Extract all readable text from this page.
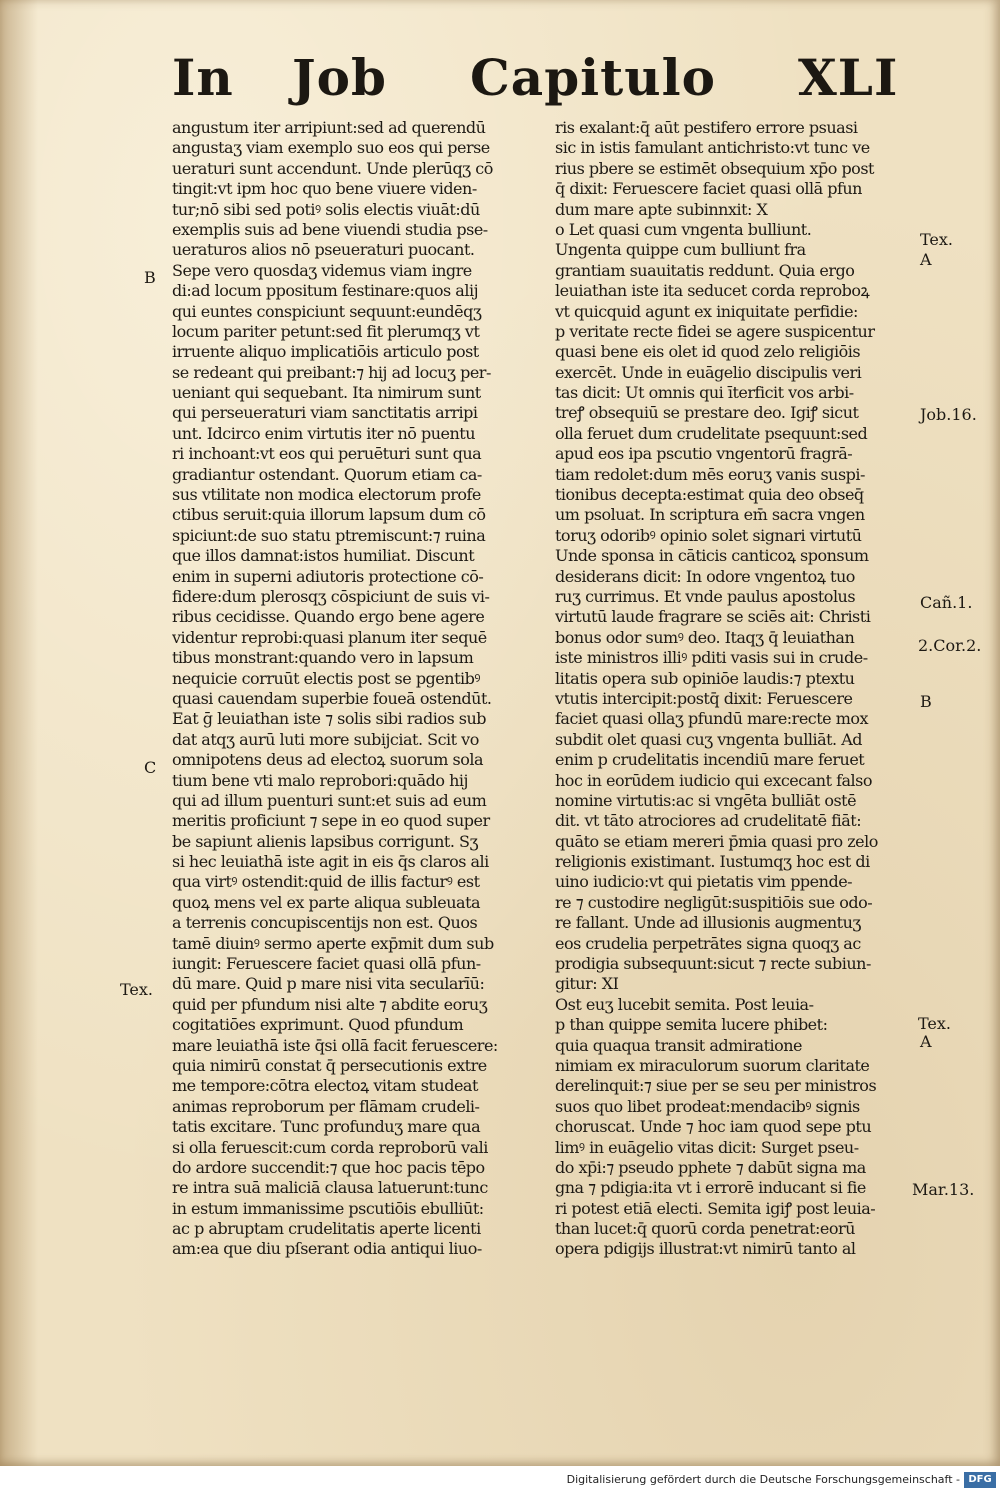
In Job Capitulo XLI
angustum iter arripiunt:sed ad querendū
angustaʒ viam exemplo suo eos qui perse
ueraturi sunt accendunt. Unde plerūqʒ cō
tingit:vt ipm hoc quo bene viuere viden-
tur;nō sibi sed potiꝰ solis electis viuāt:dū
exemplis suis ad bene viuendi studia pse-
ueraturos alios nō pseueraturi puocant.
Sepe vero quosdaʒ videmus viam ingre
di:ad locum ppositum festinare:quos alij
qui euntes conspiciunt sequunt:eundēqʒ
locum pariter petunt:sed fit plerumqʒ vt
irruente aliquo implicatiōis articulo post
se redeant qui preibant:⁊ hij ad locuʒ per-
ueniant qui sequebant. Ita nimirum sunt
qui perseueraturi viam sanctitatis arripi
unt. Idcirco enim virtutis iter nō puentu
ri inchoant:vt eos qui peruēturi sunt qua
gradiantur ostendant. Quorum etiam ca-
sus vtilitate non modica electorum profe
ctibus seruit:quia illorum lapsum dum cō
spiciunt:de suo statu ptremiscunt:⁊ ruina
que illos damnat:istos humiliat. Discunt
enim in superni adiutoris protectione cō-
fidere:dum plerosqʒ cōspiciunt de suis vi-
ribus cecidisse. Quando ergo bene agere
videntur reprobi:quasi planum iter sequē
tibus monstrant:quando vero in lapsum
nequicie corruūt electis post se pgentibꝰ
quasi cauendam superbie foueā ostendūt.
Eat ḡ leuiathan iste ⁊ solis sibi radios sub
dat atqʒ aurū luti more subijciat. Scit vo
omnipotens deus ad electoꝝ suorum sola
tium bene vti malo reprobori:quādo hij
qui ad illum puenturi sunt:et suis ad eum
meritis proficiunt ⁊ sepe in eo quod super
be sapiunt alienis lapsibus corrigunt. Sʒ
si hec leuiathā iste agit in eis q̄s claros ali
qua virtꝰ ostendit:quid de illis facturꝰ est
quoꝝ mens vel ex parte aliqua subleuata
a terrenis concupiscentijs non est. Quos
tamē diuinꝰ sermo aperte exp̄mit dum sub
iungit: Feruescere faciet quasi ollā pfun-
dū mare. Quid p mare nisi vita secularīū:
quid per pfundum nisi alte ⁊ abdite eoruʒ
cogitatiōes exprimunt. Quod pfundum
mare leuiathā iste q̄si ollā facit feruescere:
quia nimirū constat q̄ persecutionis extre
me tempore:cōtra electoꝝ vitam studeat
animas reproborum per flāmam crudeli-
tatis excitare. Tunc profunduʒ mare qua
si olla feruescit:cum corda reproborū vali
do ardore succendit:⁊ que hoc pacis tēpo
re intra suā maliciā clausa latuerunt:tunc
in estum immanissime pscutiōis ebulliūt:
ac p abruptam crudelitatis aperte licenti
am:ea que diu pſserant odia antiqui liuo-
ris exalant:q̄ aūt pestifero errore psuasi
sic in istis famulant antichristo:vt tunc ve
rius pbere se estimēt obsequium xp̄o post
q̄ dixit: Feruescere faciet quasi ollā pfun
dum mare apte subinnxit: X
o Let quasi cum vngenta bulliunt.
Ungenta quippe cum bulliunt fra
grantiam suauitatis reddunt. Quia ergo
leuiathan iste ita seducet corda reproboꝝ
vt quicquid agunt ex iniquitate perfidie:
p veritate recte fidei se agere suspicentur
quasi bene eis olet id quod zelo religiōis
exercēt. Unde in euāgelio discipulis veri
tas dicit: Ut omnis qui īterficit vos arbi-
treꝭ obsequiū se prestare deo. Igiꝭ sicut
olla feruet dum crudelitate psequunt:sed
apud eos ipa pscutio vngentorū fragrā-
tiam redolet:dum mēs eoruʒ vanis suspi-
tionibus decepta:estimat quia deo obseq̄
um psoluat. In scriptura em̄ sacra vngen
toruʒ odoribꝰ opinio solet signari virtutū
Unde sponsa in cāticis canticoꝝ sponsum
desiderans dicit: In odore vngentoꝝ tuo
ruʒ currimus. Et vnde paulus apostolus
virtutū laude fragrare se sciēs ait: Christi
bonus odor sumꝰ deo. Itaqʒ q̄ leuiathan
iste ministros illiꝰ pditi vasis sui in crude-
litatis opera sub opiniōe laudis:⁊ ptextu
vtutis intercipit:postq̄ dixit: Feruescere
faciet quasi ollaʒ pfundū mare:recte mox
subdit olet quasi cuʒ vngenta bulliāt. Ad
enim p crudelitatis incendiū mare feruet
hoc in eorūdem iudicio qui excecant falso
nomine virtutis:ac si vngēta bulliāt ostē
dit. vt tāto atrociores ad crudelitatē fiāt:
quāto se etiam mereri p̄mia quasi pro zelo
religionis existimant. Iustumqʒ hoc est di
uino iudicio:vt qui pietatis vim ppende-
re ⁊ custodire negligūt:suspitiōis sue odo-
re fallant. Unde ad illusionis augmentuʒ
eos crudelia perpetrātes signa quoqʒ ac
prodigia subsequunt:sicut ⁊ recte subiun-
gitur: XI
Ost euʒ lucebit semita. Post leuia-
p than quippe semita lucere phibet:
quia quaqua transit admiratione
nimiam ex miraculorum suorum claritate
derelinquit:⁊ siue per se seu per ministros
suos quo libet prodeat:mendacibꝰ signis
choruscat. Unde ⁊ hoc iam quod sepe ptu
limꝰ in euāgelio vitas dicit: Surget pseu-
do xp̄i:⁊ pseudo pphete ⁊ dabūt signa ma
gna ⁊ pdigia:ita vt i errorē inducant si fie
ri potest etiā electi. Semita igiꝭ post leuia-
than lucet:q̄ quorū corda penetrat:eorū
opera pdigijs illustrat:vt nimirū tanto al
B
C
Tex.
Tex.
A
Job.16.
Cañ.1.
2.Cor.2.
B
Tex.
A
Mar.13.
Digitalisierung gefördert durch die Deutsche Forschungsgemeinschaft - DFG
